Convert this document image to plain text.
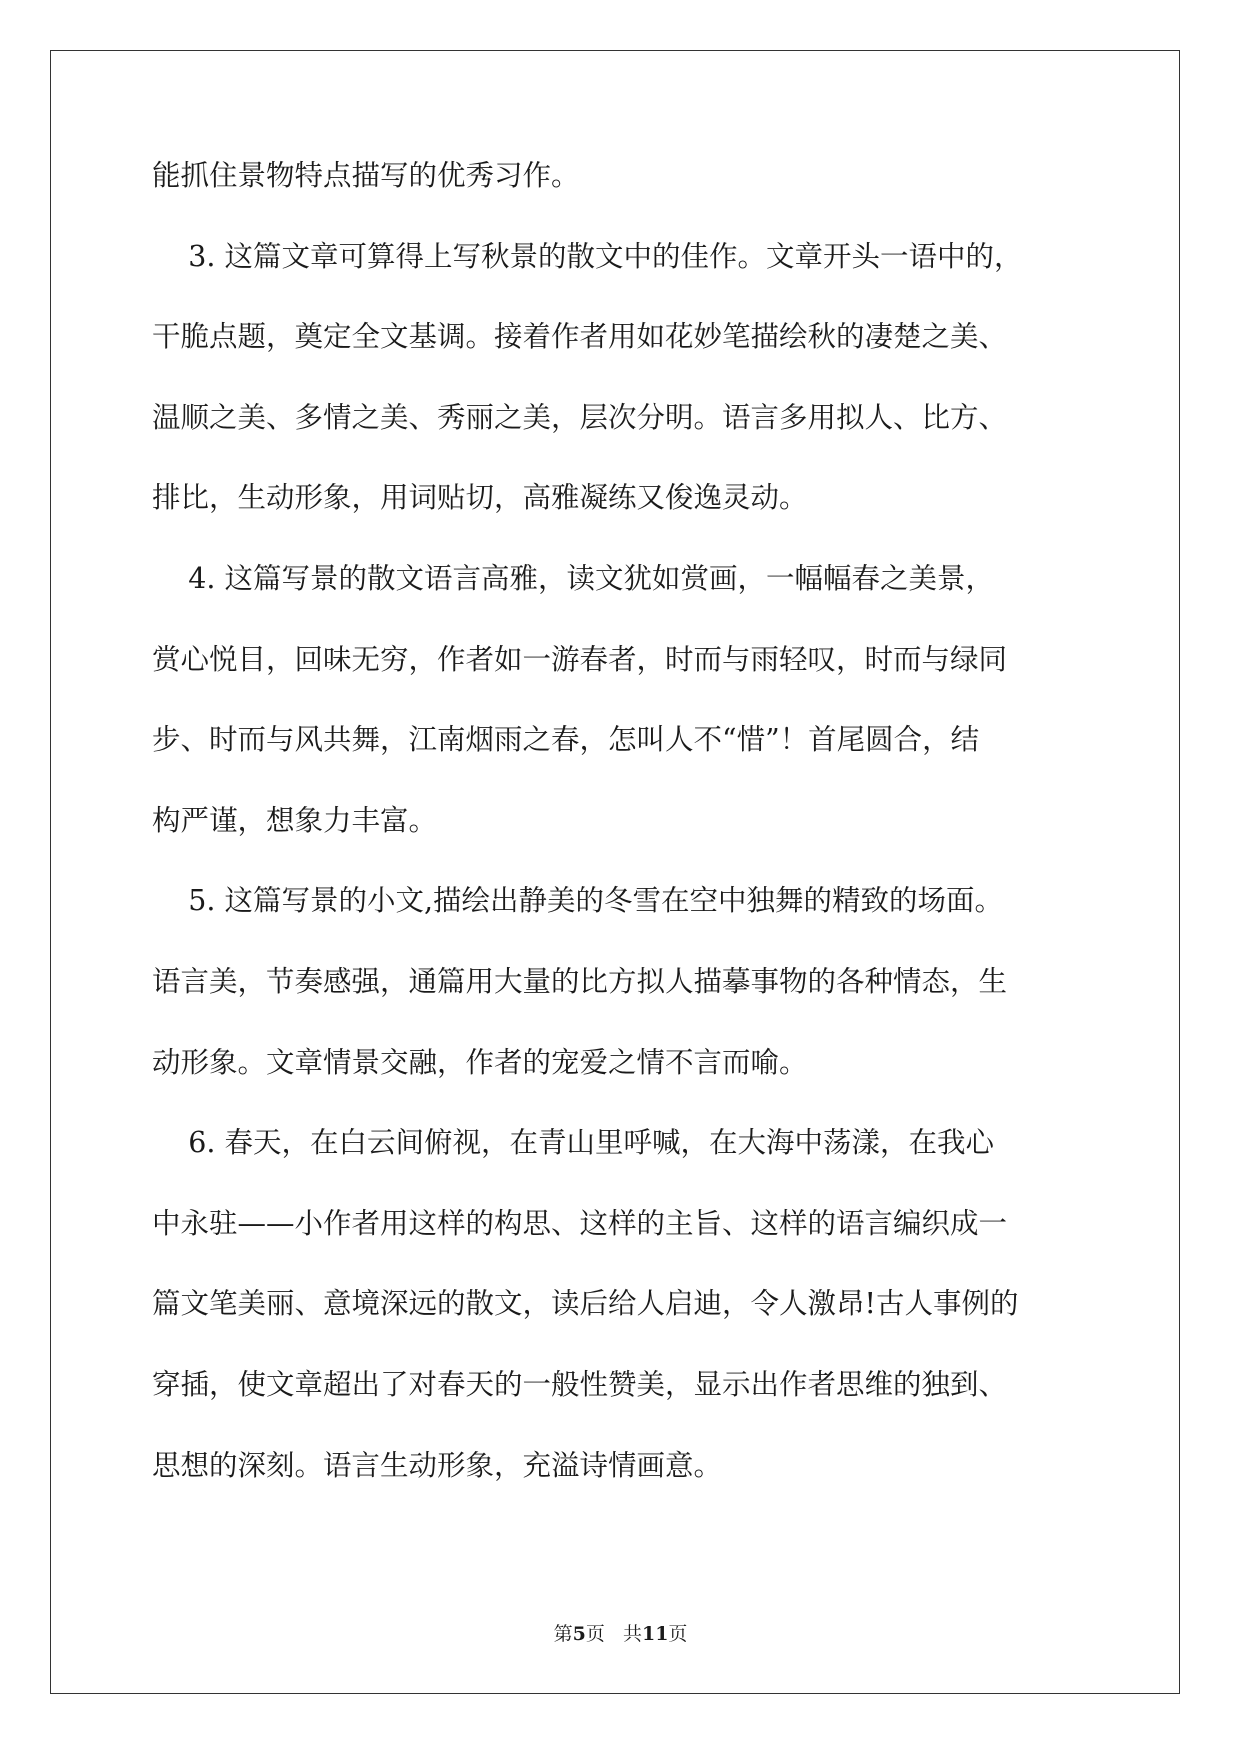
能抓住景物特点描写的优秀习作。
3. 这篇文章可算得上写秋景的散文中的佳作。文章开头一语中的，
干脆点题，奠定全文基调。接着作者用如花妙笔描绘秋的凄楚之美、
温顺之美、多情之美、秀丽之美，层次分明。语言多用拟人、比方、
排比，生动形象，用词贴切，高雅凝练又俊逸灵动。
4. 这篇写景的散文语言高雅，读文犹如赏画，一幅幅春之美景，
赏心悦目，回味无穷，作者如一游春者，时而与雨轻叹，时而与绿同
步、时而与风共舞，江南烟雨之春，怎叫人不“惜”！首尾圆合，结
构严谨，想象力丰富。
5. 这篇写景的小文,描绘出静美的冬雪在空中独舞的精致的场面。
语言美，节奏感强，通篇用大量的比方拟人描摹事物的各种情态，生
动形象。文章情景交融，作者的宠爱之情不言而喻。
6. 春天，在白云间俯视，在青山里呼喊，在大海中荡漾，在我心
中永驻——小作者用这样的构思、这样的主旨、这样的语言编织成一
篇文笔美丽、意境深远的散文，读后给人启迪，令人激昂!古人事例的
穿插，使文章超出了对春天的一般性赞美，显示出作者思维的独到、
思想的深刻。语言生动形象，充溢诗情画意。
第5页 共11页
